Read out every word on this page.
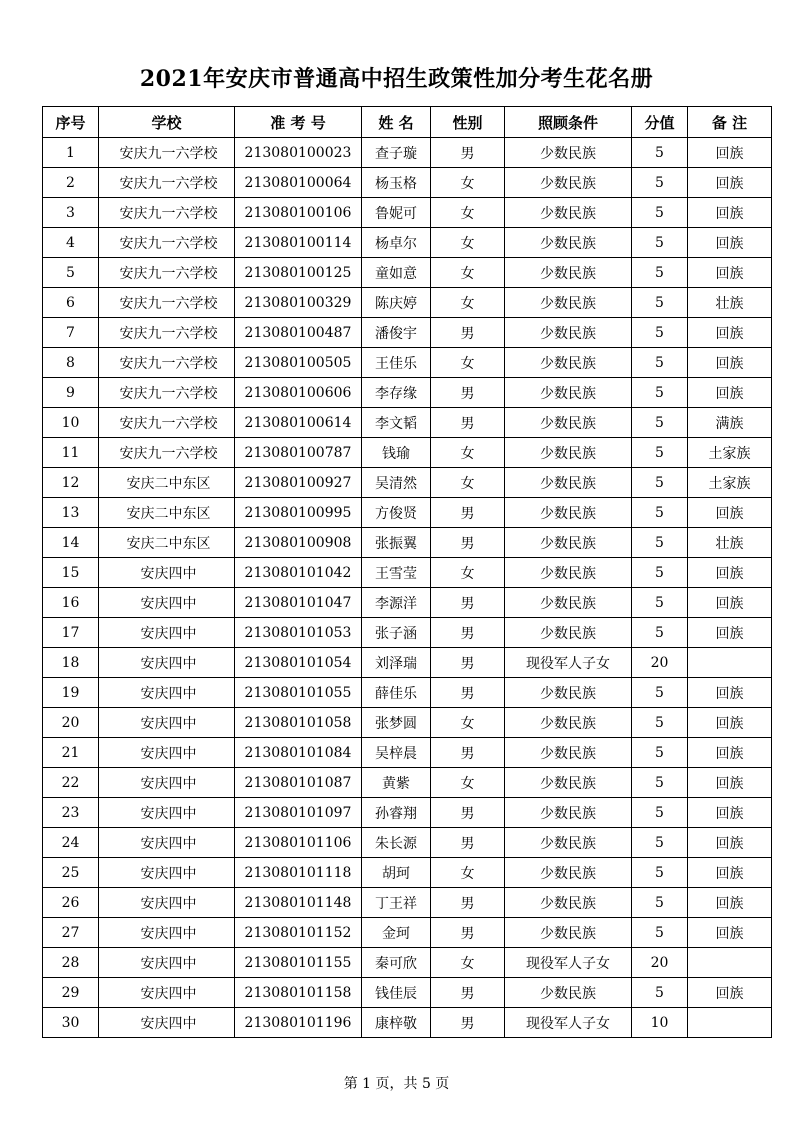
2021年安庆市普通高中招生政策性加分考生花名册
序号	学校	准 考 号	姓 名	性别	照顾条件	分值	备 注
1	安庆九一六学校	213080100023	查子璇	男	少数民族	5	回族
2	安庆九一六学校	213080100064	杨玉格	女	少数民族	5	回族
3	安庆九一六学校	213080100106	鲁妮可	女	少数民族	5	回族
4	安庆九一六学校	213080100114	杨卓尔	女	少数民族	5	回族
5	安庆九一六学校	213080100125	童如意	女	少数民族	5	回族
6	安庆九一六学校	213080100329	陈庆婷	女	少数民族	5	壮族
7	安庆九一六学校	213080100487	潘俊宇	男	少数民族	5	回族
8	安庆九一六学校	213080100505	王佳乐	女	少数民族	5	回族
9	安庆九一六学校	213080100606	李存缘	男	少数民族	5	回族
10	安庆九一六学校	213080100614	李文韬	男	少数民族	5	满族
11	安庆九一六学校	213080100787	钱瑜	女	少数民族	5	土家族
12	安庆二中东区	213080100927	吴清然	女	少数民族	5	土家族
13	安庆二中东区	213080100995	方俊贤	男	少数民族	5	回族
14	安庆二中东区	213080100908	张振翼	男	少数民族	5	壮族
15	安庆四中	213080101042	王雪莹	女	少数民族	5	回族
16	安庆四中	213080101047	李源洋	男	少数民族	5	回族
17	安庆四中	213080101053	张子涵	男	少数民族	5	回族
18	安庆四中	213080101054	刘泽瑞	男	现役军人子女	20	
19	安庆四中	213080101055	薛佳乐	男	少数民族	5	回族
20	安庆四中	213080101058	张梦圆	女	少数民族	5	回族
21	安庆四中	213080101084	吴梓晨	男	少数民族	5	回族
22	安庆四中	213080101087	黄紫	女	少数民族	5	回族
23	安庆四中	213080101097	孙睿翔	男	少数民族	5	回族
24	安庆四中	213080101106	朱长源	男	少数民族	5	回族
25	安庆四中	213080101118	胡珂	女	少数民族	5	回族
26	安庆四中	213080101148	丁王祥	男	少数民族	5	回族
27	安庆四中	213080101152	金珂	男	少数民族	5	回族
28	安庆四中	213080101155	秦可欣	女	现役军人子女	20	
29	安庆四中	213080101158	钱佳辰	男	少数民族	5	回族
30	安庆四中	213080101196	康梓敬	男	现役军人子女	10	
第 1 页，共 5 页
